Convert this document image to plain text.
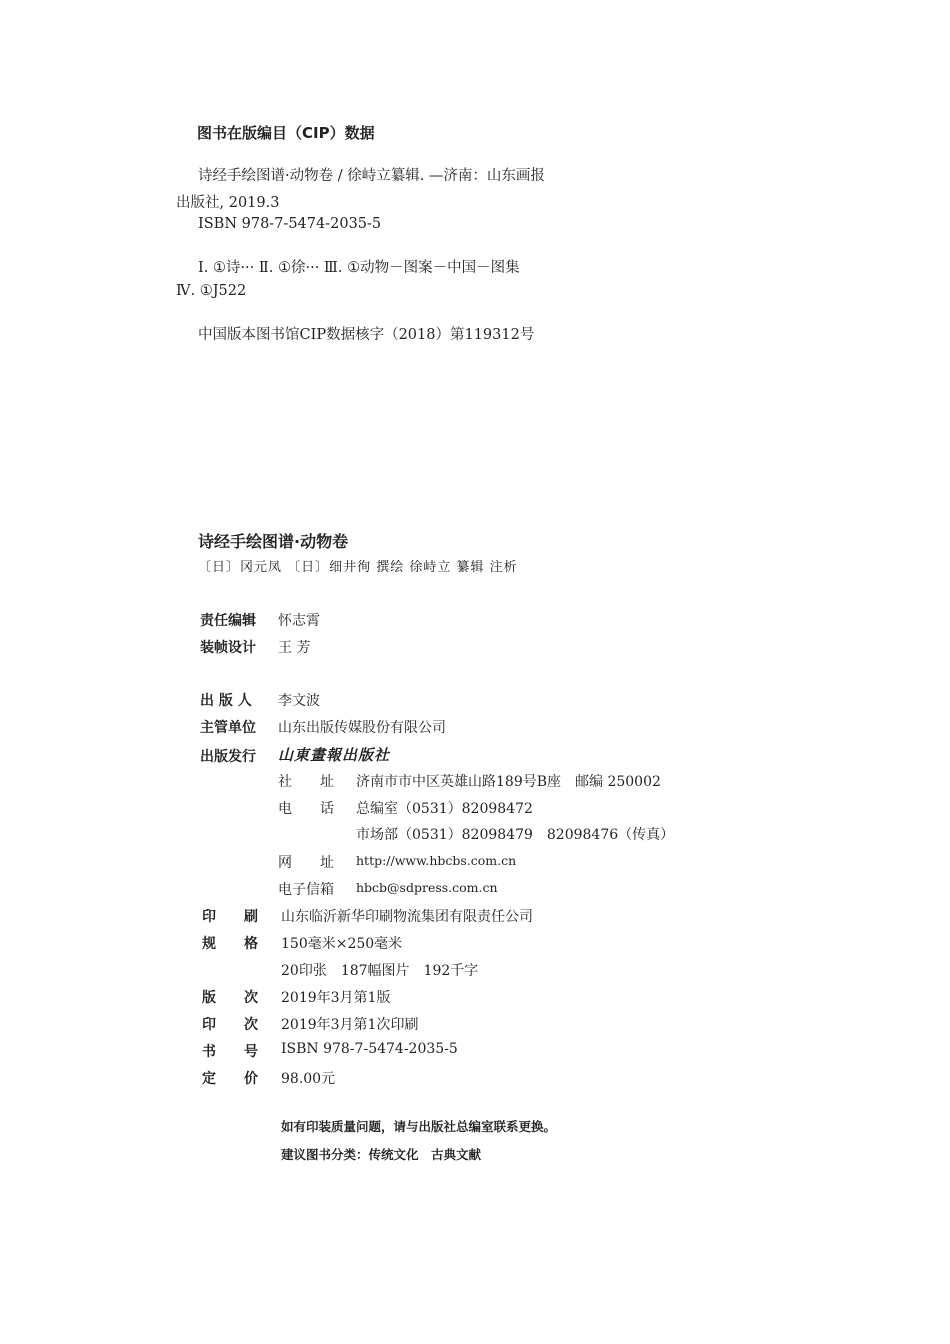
图书在版编目（CIP）数据
诗经手绘图谱·动物卷 / 徐峙立纂辑. —济南：山东画报
出版社, 2019.3
ISBN 978-7-5474-2035-5
Ⅰ. ①诗··· Ⅱ. ①徐··· Ⅲ. ①动物－图案－中国－图集
Ⅳ. ①J522
中国版本图书馆CIP数据核字（2018）第119312号
诗经手绘图谱·动物卷
〔日〕冈元凤 〔日〕细井徇 撰绘 徐峙立 纂辑 注析
责任编辑 怀志霄
装帧设计 王 芳
出 版 人 李文波
主管单位 山东出版传媒股份有限公司
出版发行 山東畫報出版社
社　　址 济南市市中区英雄山路189号B座　邮编 250002
电　　话 总编室（0531）82098472
市场部（0531）82098479　82098476（传真）
网　　址 http://www.hbcbs.com.cn
电子信箱 hbcb@sdpress.com.cn
印　　刷 山东临沂新华印刷物流集团有限责任公司
规　　格 150毫米×250毫米
20印张　187幅图片　192千字
版　　次 2019年3月第1版
印　　次 2019年3月第1次印刷
书　　号 ISBN 978-7-5474-2035-5
定　　价 98.00元
如有印装质量问题，请与出版社总编室联系更换。
建议图书分类：传统文化　古典文献
